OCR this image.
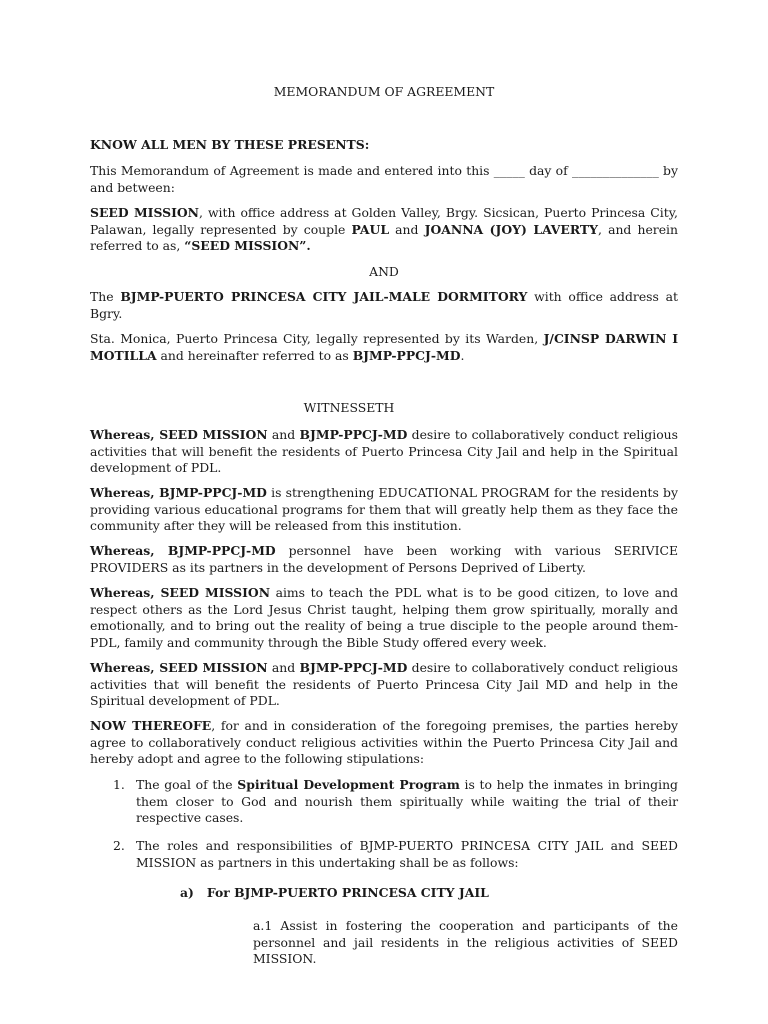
MEMORANDUM OF AGREEMENT

KNOW ALL MEN BY THESE PRESENTS:

This Memorandum of Agreement is made and entered into this _____ day of ______________ by and between:

SEED MISSION, with office address at Golden Valley, Brgy. Sicsican, Puerto Princesa City, Palawan, legally represented by couple PAUL and JOANNA (JOY) LAVERTY, and herein referred to as, “SEED MISSION”.

AND

The BJMP-PUERTO PRINCESA CITY JAIL-MALE DORMITORY with office address at Bgry.

Sta. Monica, Puerto Princesa City, legally represented by its Warden, J/CINSP DARWIN I MOTILLA and hereinafter referred to as BJMP-PPCJ-MD.

WITNESSETH

Whereas, SEED MISSION and BJMP-PPCJ-MD desire to collaboratively conduct religious activities that will benefit the residents of Puerto Princesa City Jail and help in the Spiritual development of PDL.

Whereas, BJMP-PPCJ-MD is strengthening EDUCATIONAL PROGRAM for the residents by providing various educational programs for them that will greatly help them as they face the community after they will be released from this institution.

Whereas, BJMP-PPCJ-MD personnel have been working with various SERIVICE PROVIDERS as its partners in the development of Persons Deprived of Liberty.

Whereas, SEED MISSION aims to teach the PDL what is to be good citizen, to love and respect others as the Lord Jesus Christ taught, helping them grow spiritually, morally and emotionally, and to bring out the reality of being a true disciple to the people around them-PDL, family and community through the Bible Study offered every week.

Whereas, SEED MISSION and BJMP-PPCJ-MD desire to collaboratively conduct religious activities that will benefit the residents of Puerto Princesa City Jail MD and help in the Spiritual development of PDL.

NOW THEREOFE, for and in consideration of the foregoing premises, the parties hereby agree to collaboratively conduct religious activities within the Puerto Princesa City Jail and hereby adopt and agree to the following stipulations:

1. The goal of the Spiritual Development Program is to help the inmates in bringing them closer to God and nourish them spiritually while waiting the trial of their respective cases.

2. The roles and responsibilities of BJMP-PUERTO PRINCESA CITY JAIL and SEED MISSION as partners in this undertaking shall be as follows:

a) For BJMP-PUERTO PRINCESA CITY JAIL

a.1 Assist in fostering the cooperation and participants of the personnel and jail residents in the religious activities of SEED MISSION.
